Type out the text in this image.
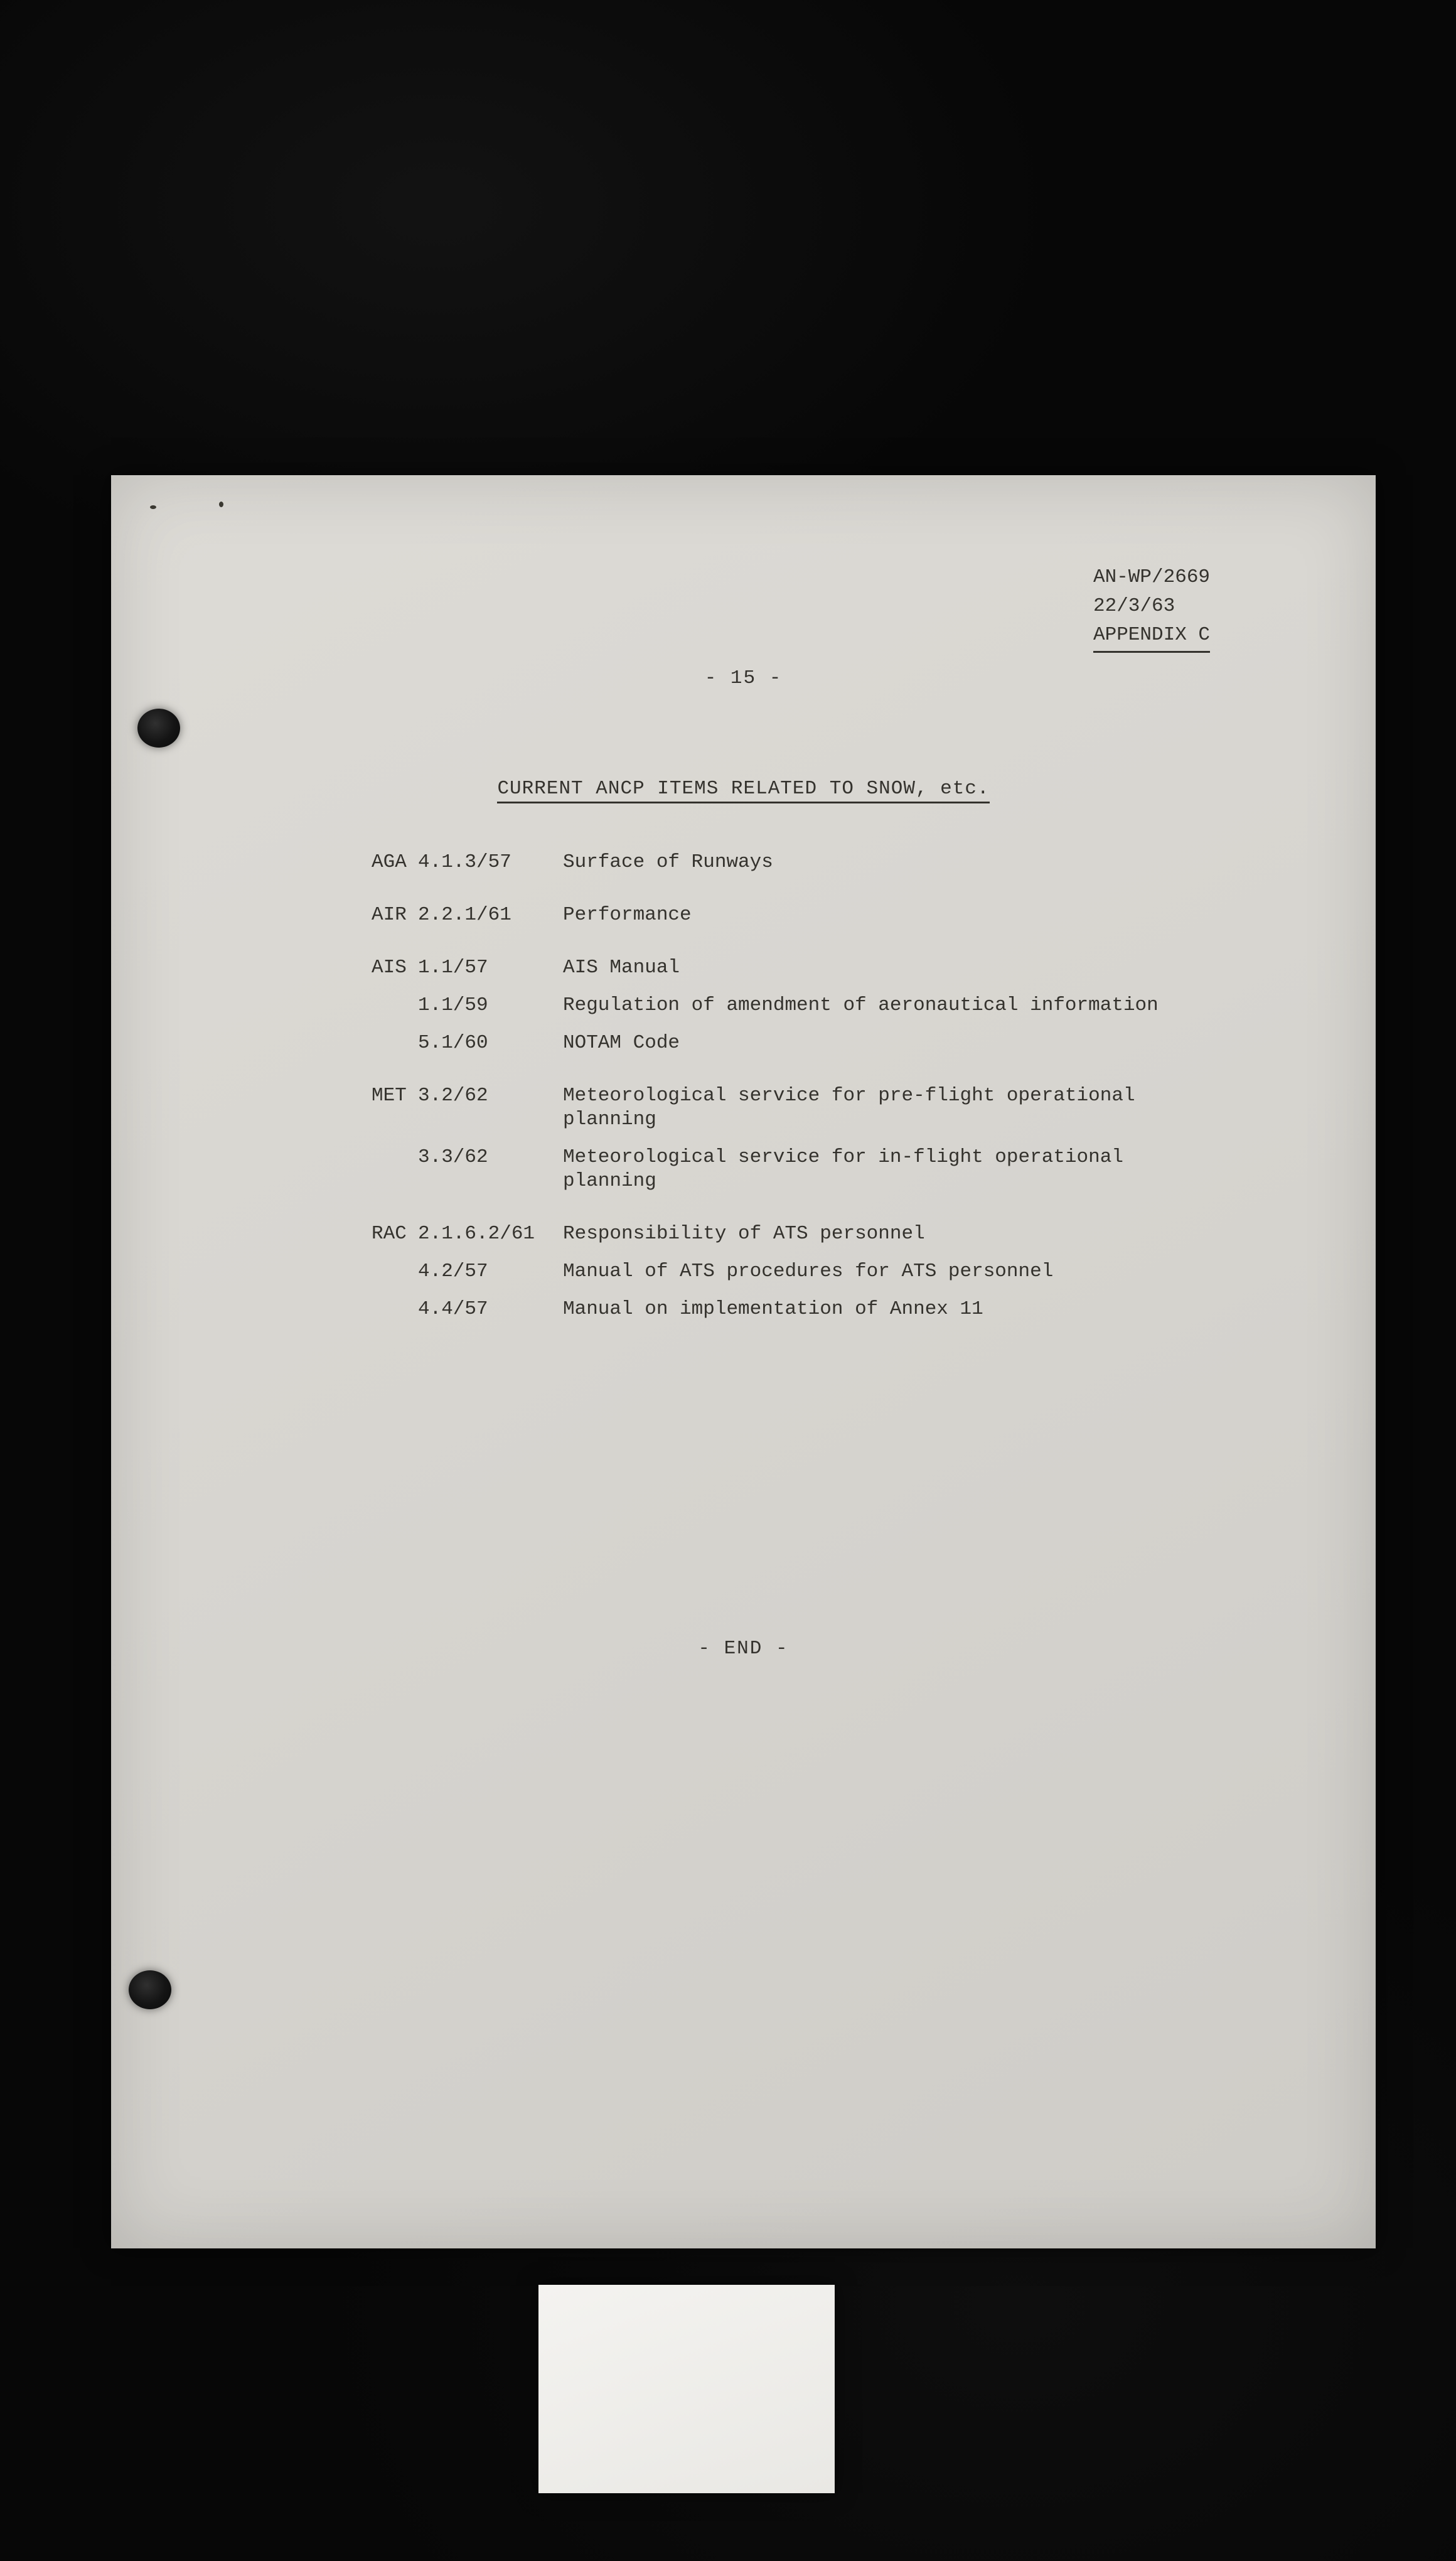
AN-WP/2669
22/3/63
APPENDIX C
- 15 -
CURRENT ANCP ITEMS RELATED TO SNOW, etc.
AGA 4.1.3/57	Surface of Runways
AIR 2.2.1/61	Performance
AIS 1.1/57	AIS Manual
1.1/59	Regulation of amendment of aeronautical information
5.1/60	NOTAM Code
MET 3.2/62	Meteorological service for pre-flight operational planning
3.3/62	Meteorological service for in-flight operational planning
RAC 2.1.6.2/61	Responsibility of ATS personnel
4.2/57	Manual of ATS procedures for ATS personnel
4.4/57	Manual on implementation of Annex 11
- END -
